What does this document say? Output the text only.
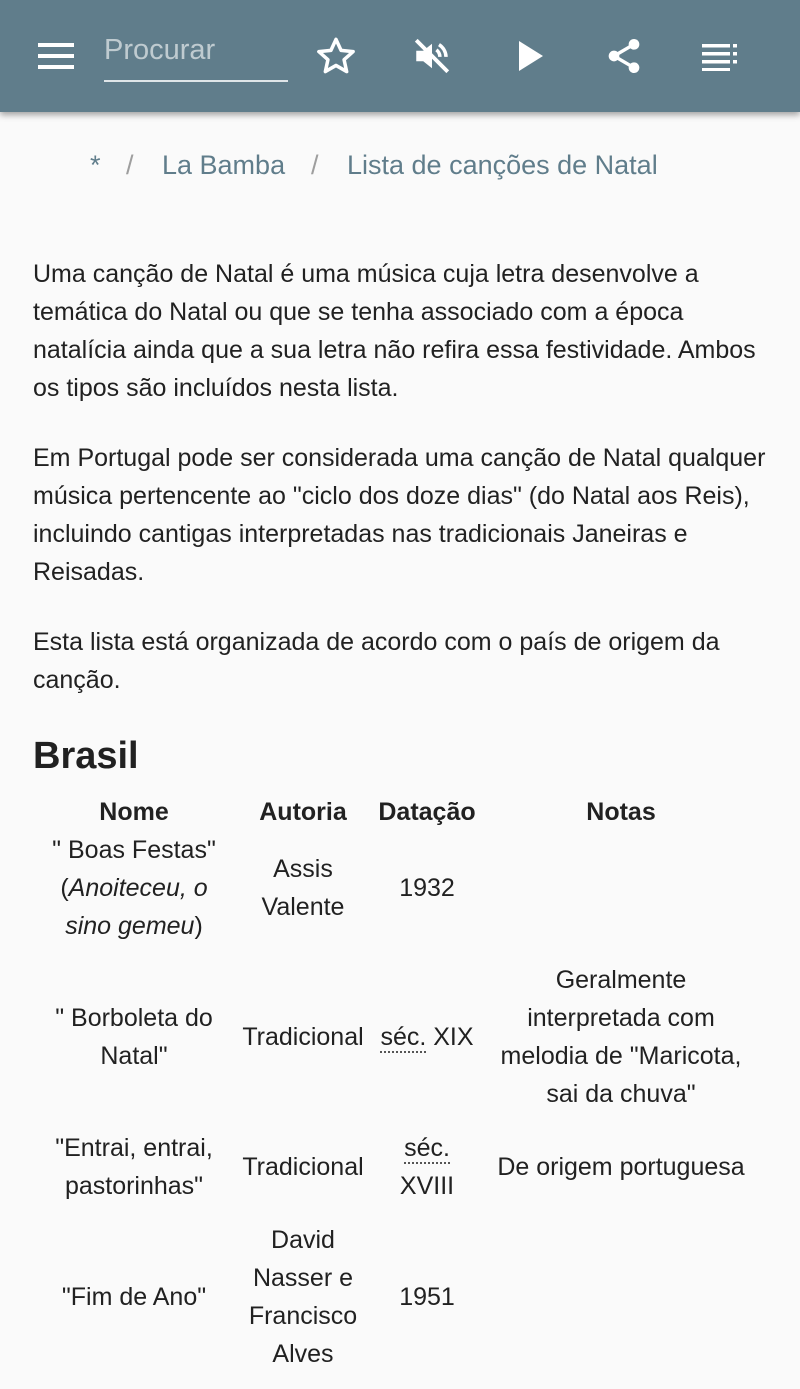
Procurar
* / La Bamba / Lista de canções de Natal

Uma canção de Natal é uma música cuja letra desenvolve a temática do Natal ou que se tenha associado com a época natalícia ainda que a sua letra não refira essa festividade. Ambos os tipos são incluídos nesta lista.

Em Portugal pode ser considerada uma canção de Natal qualquer música pertencente ao "ciclo dos doze dias" (do Natal aos Reis), incluindo cantigas interpretadas nas tradicionais Janeiras e Reisadas.

Esta lista está organizada de acordo com o país de origem da canção.

Brasil
Nome	Autoria	Datação	Notas
" Boas Festas" (Anoiteceu, o sino gemeu)	Assis Valente	1932	
" Borboleta do Natal"	Tradicional	séc. XIX	Geralmente interpretada com melodia de "Maricota, sai da chuva"
"Entrai, entrai, pastorinhas"	Tradicional	séc. XVIII	De origem portuguesa
"Fim de Ano"	David Nasser e Francisco Alves	1951	
